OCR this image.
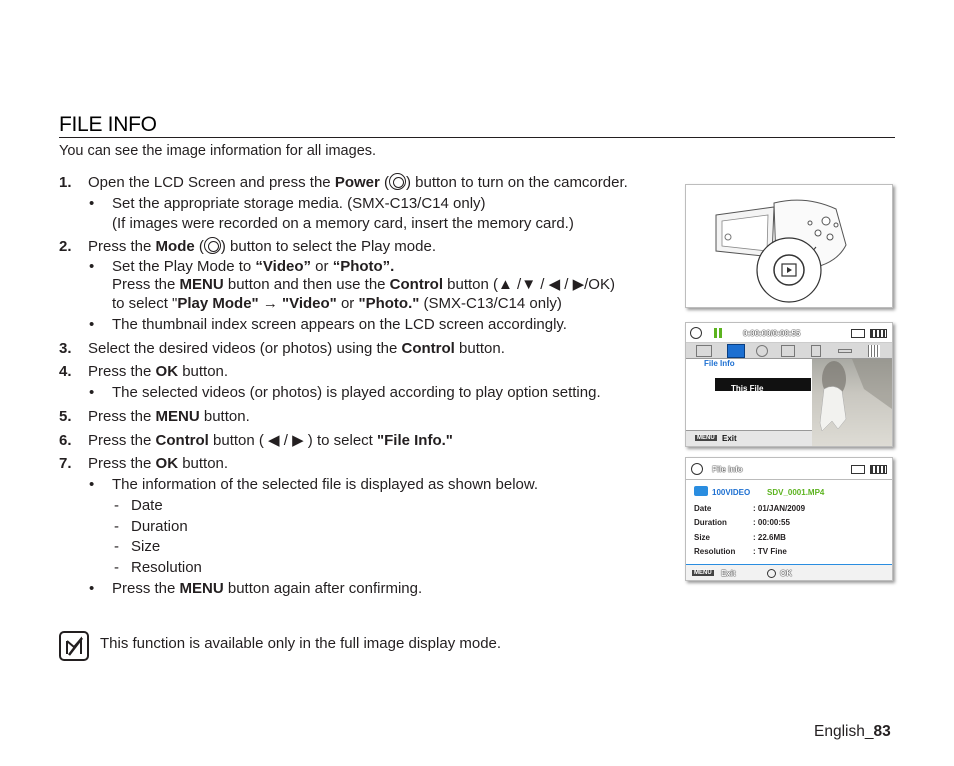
FILE INFO
You can see the image information for all images.
1. Open the LCD Screen and press the Power ( ) button to turn on the camcorder.
• Set the appropriate storage media. (SMX-C13/C14 only)
(If images were recorded on a memory card, insert the memory card.)
2. Press the Mode ( ) button to select the Play mode.
• Set the Play Mode to “Video” or “Photo”.
Press the MENU button and then use the Control button (▲ /▼ / ◀ / ▶/OK)
to select "Play Mode" → "Video" or "Photo." (SMX-C13/C14 only)
• The thumbnail index screen appears on the LCD screen accordingly.
3. Select the desired videos (or photos) using the Control button.
4. Press the OK button.
• The selected videos (or photos) is played according to play option setting.
5. Press the MENU button.
6. Press the Control button ( ◀ / ▶ ) to select "File Info."
7. Press the OK button.
• The information of the selected file is displayed as shown below.
- Date
- Duration
- Size
- Resolution
• Press the MENU button again after confirming.
This function is available only in the full image display mode.
English_83
0:00:00/0:00:55
File Info
This File
MENU Exit
File Info
100VIDEO SDV_0001.MP4
Date	: 01/JAN/2009
Duration	: 00:00:55
Size	: 22.6MB
Resolution : TV Fine
MENU Exit	OK
